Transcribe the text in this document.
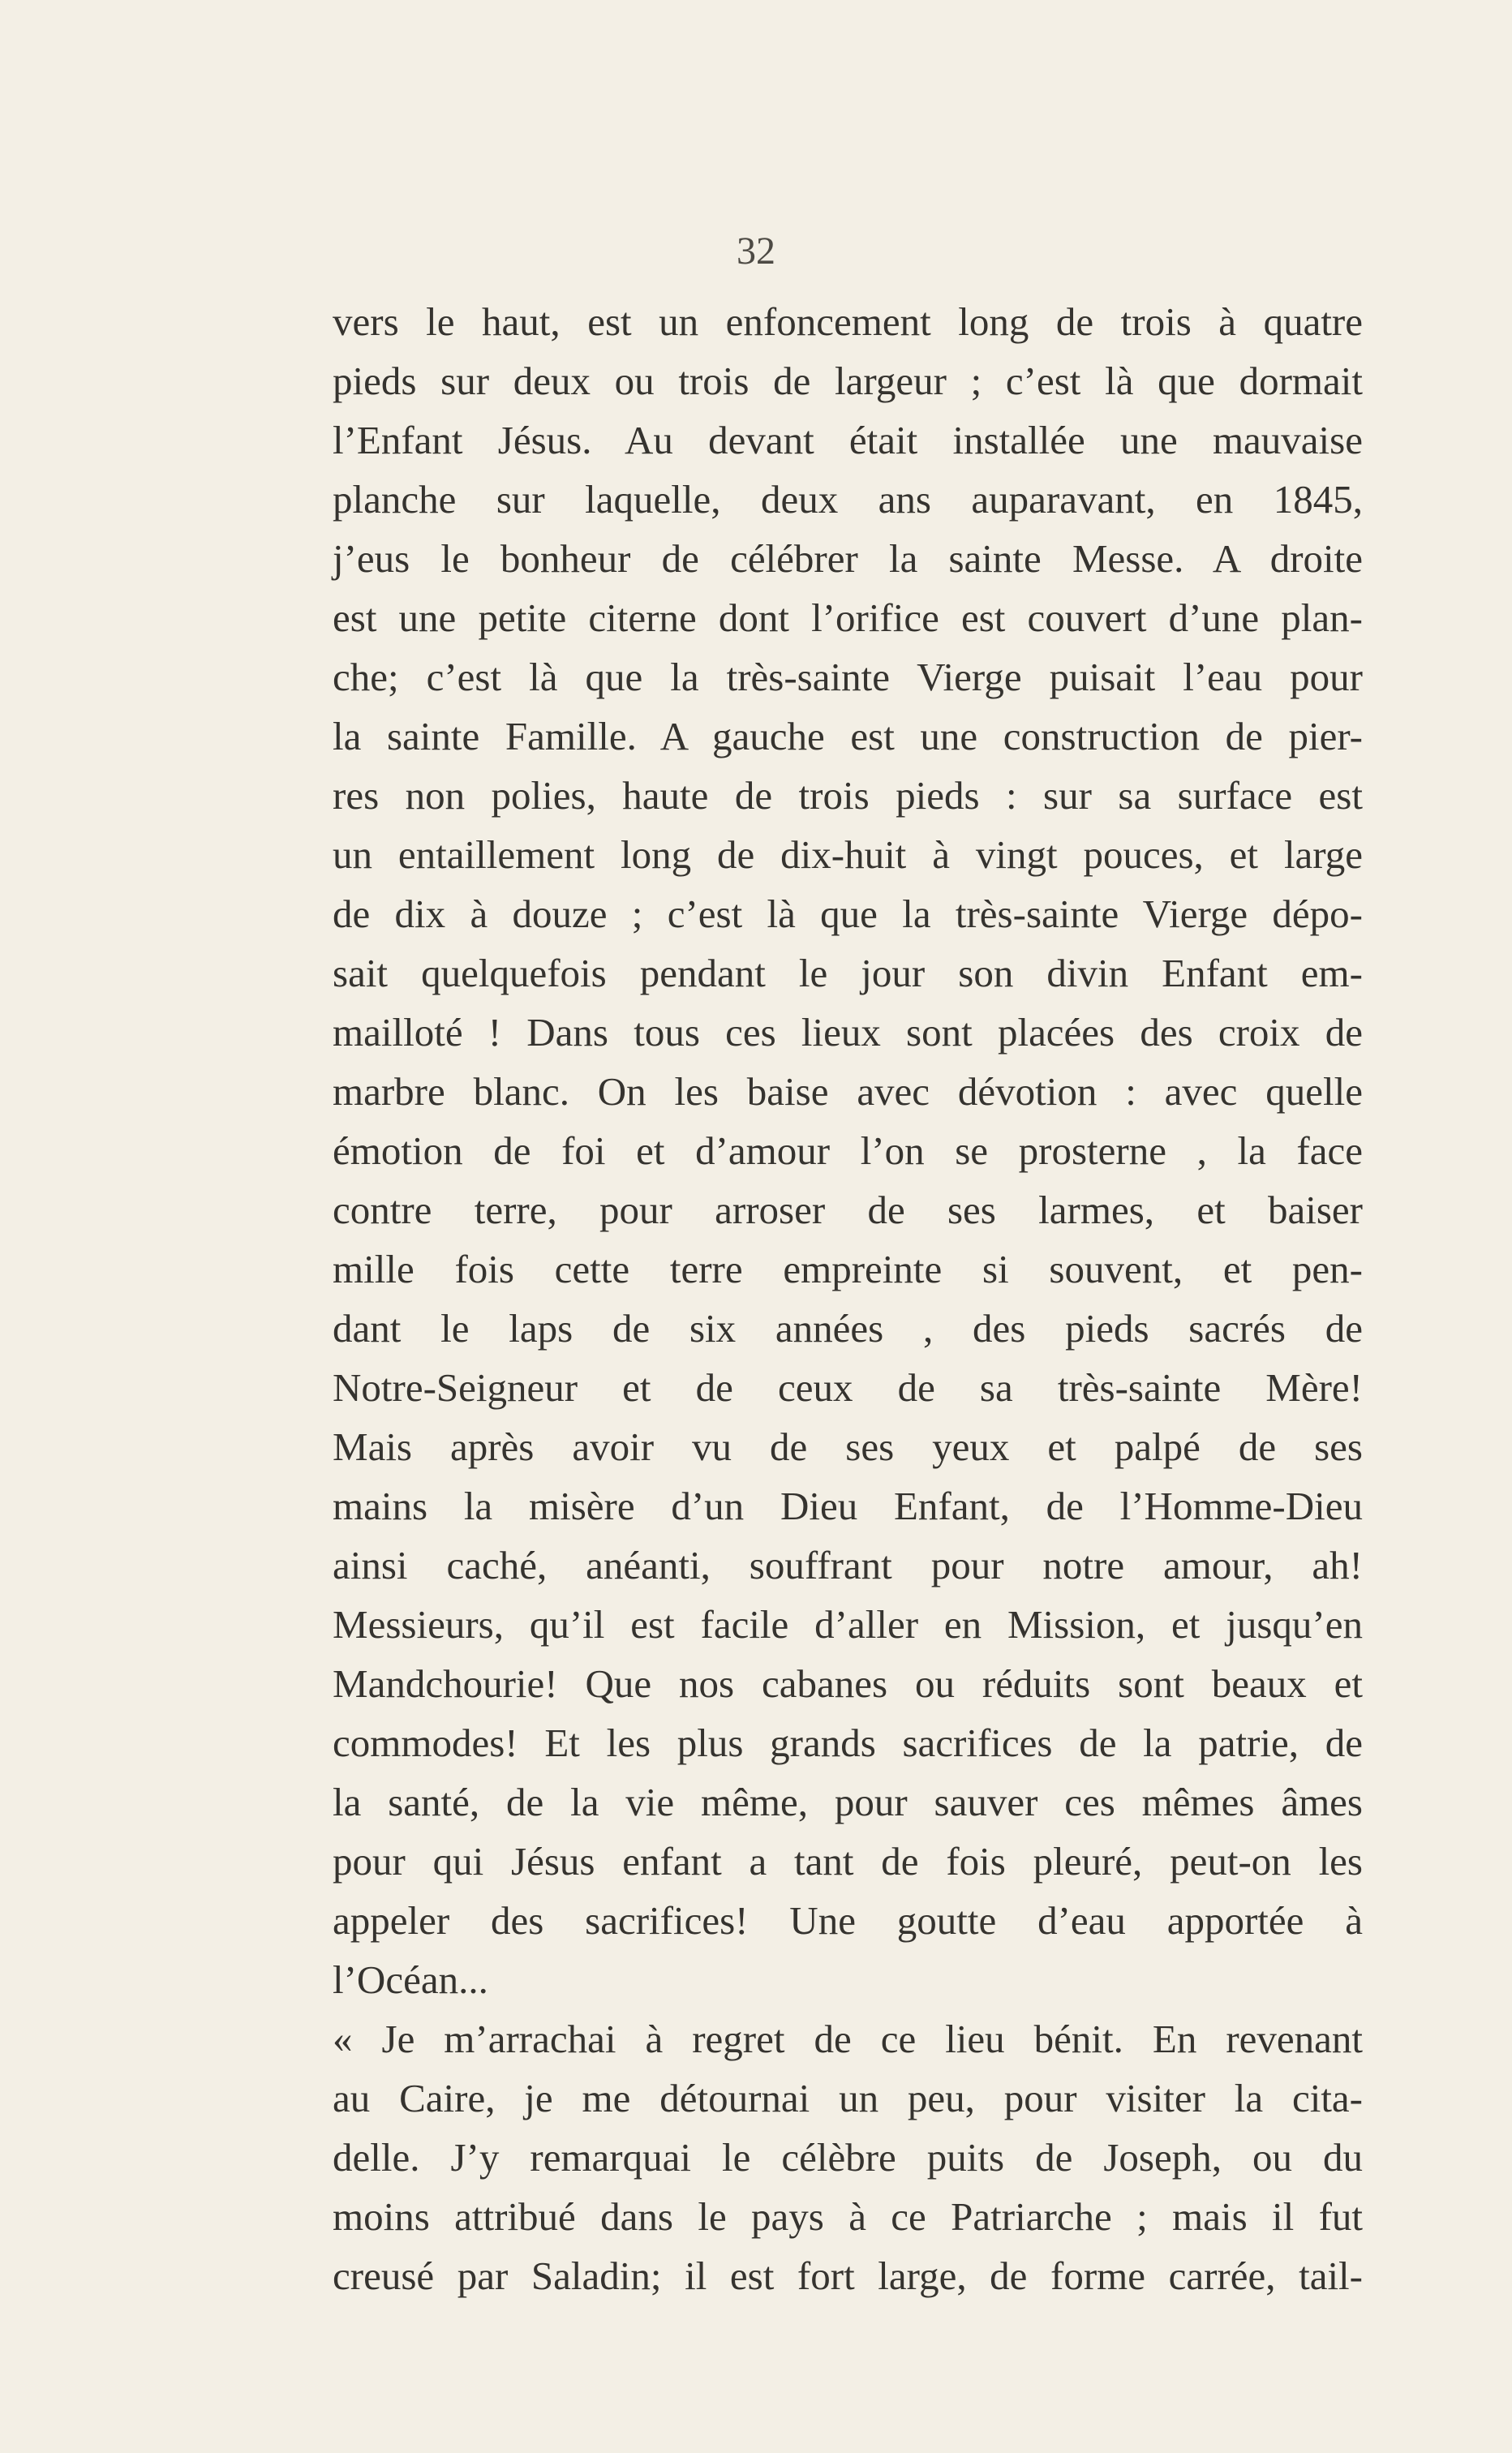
32
vers le haut, est un enfoncement long de trois à quatre
pieds sur deux ou trois de largeur ; c’est là que dormait
l’Enfant Jésus. Au devant était installée une mauvaise
planche sur laquelle, deux ans auparavant, en 1845,
j’eus le bonheur de célébrer la sainte Messe. A droite
est une petite citerne dont l’orifice est couvert d’une plan-
che; c’est là que la très-sainte Vierge puisait l’eau pour
la sainte Famille. A gauche est une construction de pier-
res non polies, haute de trois pieds : sur sa surface est
un entaillement long de dix-huit à vingt pouces, et large
de dix à douze ; c’est là que la très-sainte Vierge dépo-
sait quelquefois pendant le jour son divin Enfant em-
mailloté ! Dans tous ces lieux sont placées des croix de
marbre blanc. On les baise avec dévotion : avec quelle
émotion de foi et d’amour l’on se prosterne , la face
contre terre, pour arroser de ses larmes, et baiser
mille fois cette terre empreinte si souvent, et pen-
dant le laps de six années , des pieds sacrés de
Notre-Seigneur et de ceux de sa très-sainte Mère!
Mais après avoir vu de ses yeux et palpé de ses
mains la misère d’un Dieu Enfant, de l’Homme-Dieu
ainsi caché, anéanti, souffrant pour notre amour, ah!
Messieurs, qu’il est facile d’aller en Mission, et jusqu’en
Mandchourie! Que nos cabanes ou réduits sont beaux et
commodes! Et les plus grands sacrifices de la patrie, de
la santé, de la vie même, pour sauver ces mêmes âmes
pour qui Jésus enfant a tant de fois pleuré, peut-on les
appeler des sacrifices! Une goutte d’eau apportée à
l’Océan...
« Je m’arrachai à regret de ce lieu bénit. En revenant
au Caire, je me détournai un peu, pour visiter la cita-
delle. J’y remarquai le célèbre puits de Joseph, ou du
moins attribué dans le pays à ce Patriarche ; mais il fut
creusé par Saladin; il est fort large, de forme carrée, tail-
